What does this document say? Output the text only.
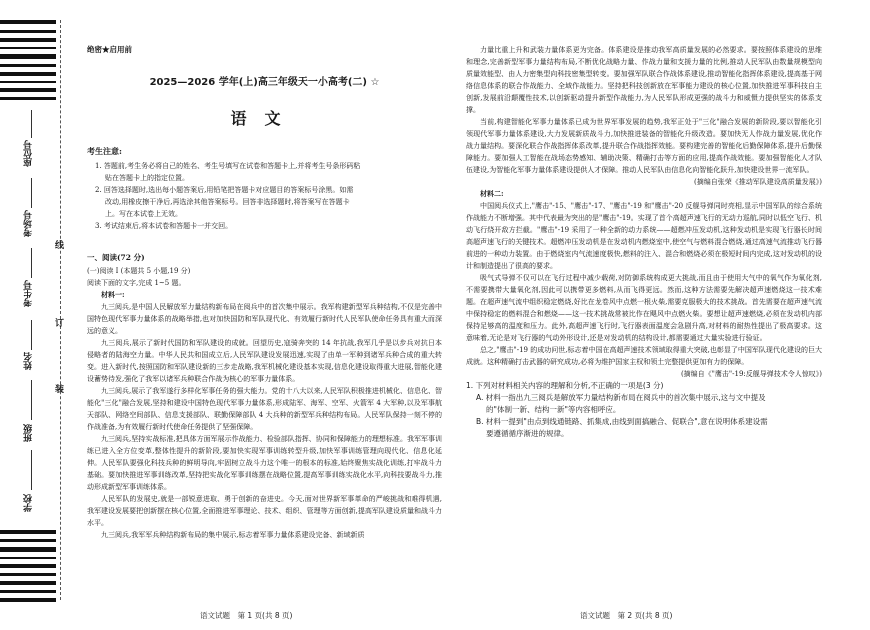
座位号
考场号
考生号
姓名
班级
学校
线
订
装
绝密★启用前
2025—2026 学年(上)高三年级天一小高考(二) ☆
语文
考生注意:
1. 答题前,考生务必将自己的姓名、考生号填写在试卷和答题卡上,并将考生号条形码粘
贴在答题卡上的指定位置。
2. 回答选择题时,选出每小题答案后,用铅笔把答题卡对应题目的答案标号涂黑。如需
改动,用橡皮擦干净后,再选涂其他答案标号。回答非选择题时,将答案写在答题卡
上。写在本试卷上无效。
3. 考试结束后,将本试卷和答题卡一并交回。
一、阅读(72 分)

(一)阅读 I (本题共 5 小题,19 分)

阅读下面的文字,完成 1~5 题。

材料一:

九三阅兵,是中国人民解放军力量结构新布局在阅兵中的首次集中展示。我军构建新型军兵种结构,不仅是完善中国特色现代军事力量体系的战略举措,也对加快国防和军队现代化、有效履行新时代人民军队使命任务具有重大而深远的意义。

九三阅兵,展示了新时代国防和军队建设的成就。回望历史,寇骑奔突的 14 年抗战,我军几乎是以步兵对抗日本侵略者的陆海空力量。中华人民共和国成立后,人民军队建设发展迅速,实现了由单一军种到诸军兵种合成的重大转变。进入新时代,按照国防和军队建设新的三步走战略,我军机械化建设基本实现,信息化建设取得重大进展,智能化建设蓄势待发,强化了我军以诸军兵种联合作战为核心的军事力量体系。

九三阅兵,展示了我军遂行多样化军事任务的强大能力。党的十八大以来,人民军队积极推进机械化、信息化、智能化"三化"融合发展,坚持和建设中国特色现代军事力量体系,形成陆军、海军、空军、火箭军 4 大军种,以及军事航天部队、网络空间部队、信息支援部队、联勤保障部队 4 大兵种的新型军兵种结构布局。人民军队保持一刻不停的作战准备,为有效履行新时代使命任务提供了坚强保障。

九三阅兵,坚持实战标准,把具体方面军展示作战能力、检验部队指挥、协同和保障能力的理想标准。我军军事训练已进入全方位变革,整体性提升的新阶段,要加快实现军事训练转型升级,加快军事训练管理向现代化、信息化延伸。人民军队要强化科技兵种的鲜明导向,牢固树立战斗力这个唯一的根本的标准,始终聚焦实战化训练,打牢战斗力基础。要加快推进军事训练改革,坚持把实战化军事训练摆在战略位置,提高军事训练实战化水平,向科技要战斗力,推动形成新型军事训练体系。

人民军队的发展史,就是一部锐意进取、勇于创新的奋进史。今天,面对世界新军事革命的严峻挑战和难得机遇,我军建设发展要把创新摆在核心位置,全面推进军事理论、技术、组织、管理等方面创新,提高军队建设质量和战斗力水平。

九三阅兵,我军军兵种结构新布局的集中展示,标志着军事力量体系建设完备、新域新质

力量比重上升和武装力量体系更为完备。体系建设是推动我军高质量发展的必然要求。要按照体系建设的思维和理念,完善新型军事力量结构布局,不断优化战略力量、作战力量和支援力量的比例,推动人民军队由数量规模型向质量效能型、由人力密集型向科技密集型转变。要加强军队联合作战体系建设,推动智能化指挥体系建设,提高基于网络信息体系的联合作战能力、全域作战能力。坚持把科技创新放在军事能力建设的核心位置,加快推进军事科技自主创新,发展前沿颠覆性技术,以创新驱动提升新型作战能力,为人民军队形成更强的战斗力和威慑力提供坚实的体系支撑。

当前,构建智能化军事力量体系已成为世界军事发展的趋势,我军正处于"三化"融合发展的新阶段,要以智能化引领现代军事力量体系建设,大力发展新质战斗力,加快推进装备的智能化升级改造。要加快无人作战力量发展,优化作战力量结构。要深化联合作战指挥体系改革,提升联合作战指挥效能。要构建完善的智能化后勤保障体系,提升后勤保障能力。要加强人工智能在战场态势感知、辅助决策、精确打击等方面的应用,提高作战效能。要加强智能化人才队伍建设,为智能化军事力量体系建设提供人才保障。推动人民军队由信息化向智能化跃升,加快建设世界一流军队。

(摘编自张荣《推动军队建设高质量发展》)

材料二:

中国阅兵仪式上,"鹰击"-15、"鹰击"-17、"鹰击"-19 和"鹰击"-20 反舰导弹同时亮相,显示中国军队的综合系统作战能力不断增强。其中代表最为突出的是"鹰击"-19。实现了首个高超声速飞行的无动力巡航,同时以低空飞行、机动飞行绕开敌方拦截。"鹰击"-19 采用了一种全新的动力系统——超燃冲压发动机,这种发动机是实现飞行器长时间高超声速飞行的关键技术。超燃冲压发动机是在发动机内燃烧室中,使空气与燃料混合燃烧,通过高速气流推动飞行器前进的一种动力装置。由于燃烧室内气流速度极快,燃料的注入、混合和燃烧必须在极短时间内完成,这对发动机的设计和制造提出了很高的要求。

吸气式导弹不仅可以在飞行过程中减少载荷,对防御系统构成更大挑战,而且由于使用大气中的氧气作为氧化剂,不需要携带大量氧化剂,因此可以携带更多燃料,从而飞得更远。然而,这种方法需要先解决超声速燃烧这一技术难题。在超声速气流中组织稳定燃烧,好比在龙卷风中点燃一根火柴,需要克服极大的技术挑战。首先需要在超声速气流中保持稳定的燃料混合和燃烧——这一技术挑战常被比作在飓风中点燃火柴。要想让超声速燃烧,必须在发动机内部保持足够高的温度和压力。此外,高超声速飞行时,飞行器表面温度会急剧升高,对材料的耐热性提出了极高要求。这意味着,无论是对飞行器的气动外形设计,还是对发动机的结构设计,都需要通过大量实验进行验证。

总之,"鹰击"-19 的成功问世,标志着中国在高超声速技术领域取得重大突破,也彰显了中国军队现代化建设的巨大成就。这种精确打击武器的研究成功,必将为维护国家主权和领土完整提供更加有力的保障。

(摘编自《"鹰击"-19:反舰导弹技术令人惊叹》)

1. 下列对材料相关内容的理解和分析,不正确的一项是(3 分)

A. 材料一指出九三阅兵是解放军力量结构新布局在阅兵中的首次集中展示,这与文中提及

的"体制一新、结构一新"等内容相呼应。

B. 材料一提到"由点到线通链路、抓集成,由线到面搞融合、促联合",意在说明体系建设需

要遵循循序渐进的规律。

语文试题　第 1 页(共 8 页)	语文试题　第 2 页(共 8 页)
